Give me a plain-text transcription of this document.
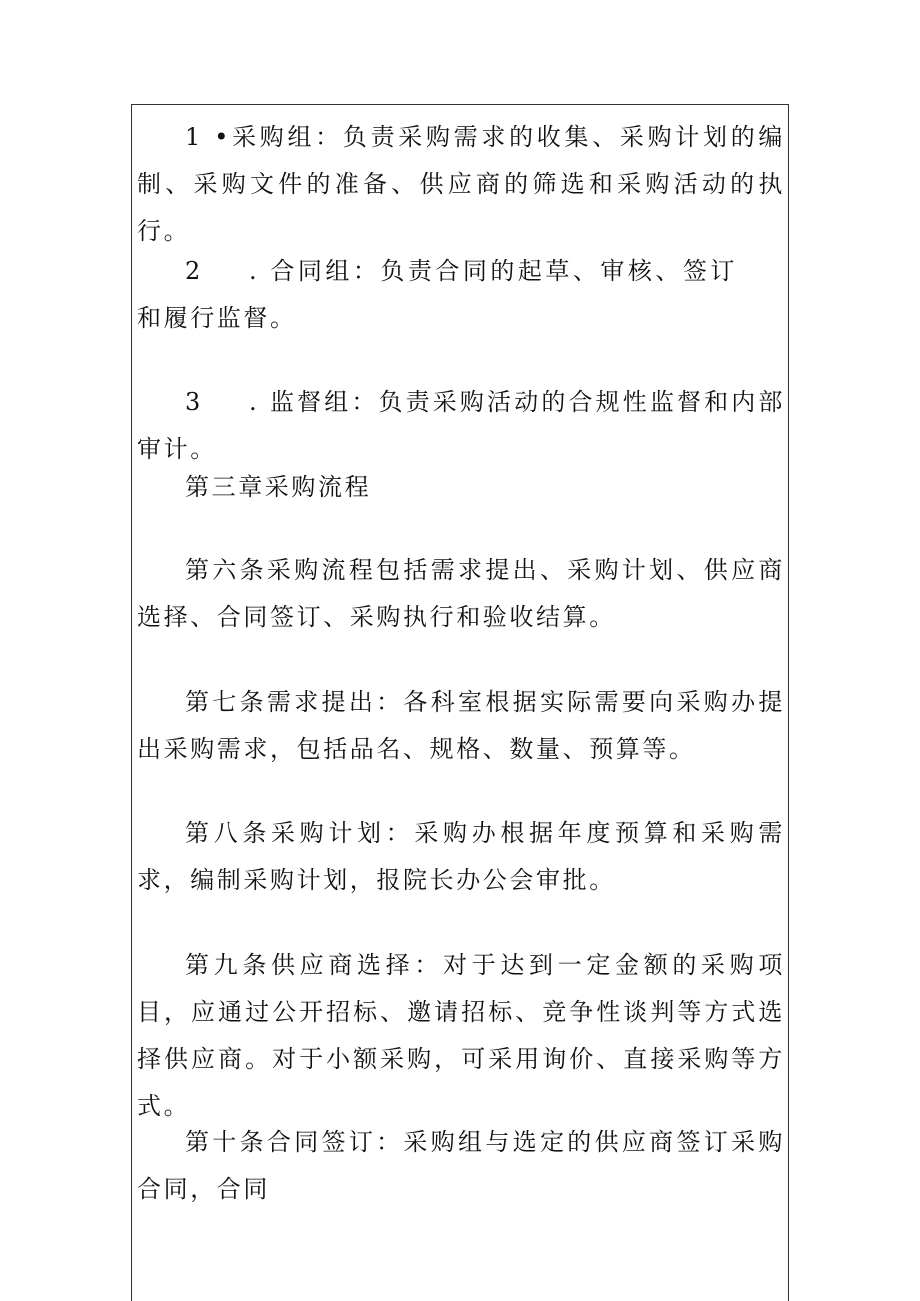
1 •采购组：负责采购需求的收集、采购计划的编制、采购文件的准备、供应商的筛选和采购活动的执行。

2 . 合同组：负责合同的起草、审核、签订和履行监督。

3 . 监督组：负责采购活动的合规性监督和内部审计。

第三章采购流程

第六条采购流程包括需求提出、采购计划、供应商选择、合同签订、采购执行和验收结算。

第七条需求提出：各科室根据实际需要向采购办提出采购需求，包括品名、规格、数量、预算等。

第八条采购计划：采购办根据年度预算和采购需求，编制采购计划，报院长办公会审批。

第九条供应商选择：对于达到一定金额的采购项目，应通过公开招标、邀请招标、竞争性谈判等方式选择供应商。对于小额采购，可采用询价、直接采购等方式。

第十条合同签订：采购组与选定的供应商签订采购合同，合同
